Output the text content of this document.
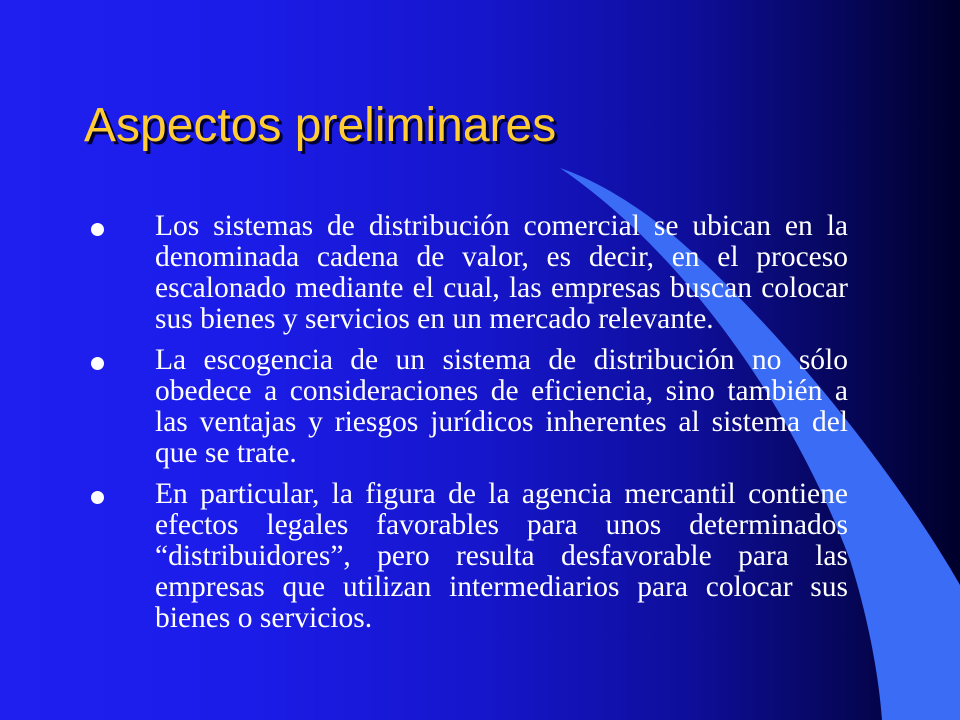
Aspectos preliminares
Los sistemas de distribución comercial se ubican en la denominada cadena de valor, es decir, en el proceso escalonado mediante el cual, las empresas buscan colocar sus bienes y servicios en un mercado relevante.
La escogencia de un sistema de distribución no sólo obedece a consideraciones de eficiencia, sino también a las ventajas y riesgos jurídicos inherentes al sistema del que se trate.
En particular, la figura de la agencia mercantil contiene efectos legales favorables para unos determinados “distribuidores”, pero resulta desfavorable para las empresas que utilizan intermediarios para colocar sus bienes o servicios.
